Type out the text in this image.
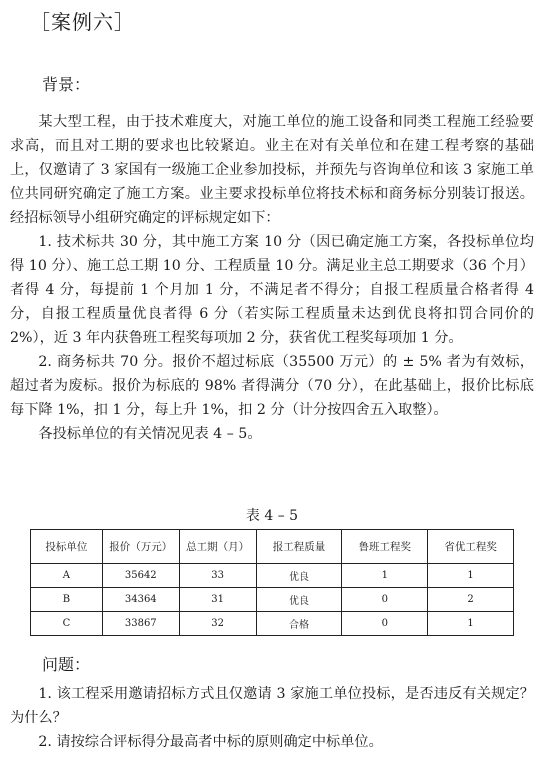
［案例六］
背景：

某大型工程，由于技术难度大，对施工单位的施工设备和同类工程施工经验要求高，而且对工期的要求也比较紧迫。业主在对有关单位和在建工程考察的基础上，仅邀请了 3 家国有一级施工企业参加投标，并预先与咨询单位和该 3 家施工单位共同研究确定了施工方案。业主要求投标单位将技术标和商务标分别装订报送。经招标领导小组研究确定的评标规定如下：

1. 技术标共 30 分，其中施工方案 10 分（因已确定施工方案，各投标单位均得 10 分）、施工总工期 10 分、工程质量 10 分。满足业主总工期要求（36 个月）者得 4 分，每提前 1 个月加 1 分，不满足者不得分；自报工程质量合格者得 4 分，自报工程质量优良者得 6 分（若实际工程质量未达到优良将扣罚合同价的 2%），近 3 年内获鲁班工程奖每项加 2 分，获省优工程奖每项加 1 分。

2. 商务标共 70 分。报价不超过标底（35500 万元）的 ± 5% 者为有效标，超过者为废标。报价为标底的 98% 者得满分（70 分），在此基础上，报价比标底每下降 1%，扣 1 分，每上升 1%，扣 2 分（计分按四舍五入取整）。

各投标单位的有关情况见表 4 – 5。

表 4 – 5
投标单位	报价（万元）	总工期（月）	报工程质量	鲁班工程奖	省优工程奖
A	35642	33	优良	1	1
B	34364	31	优良	0	2
C	33867	32	合格	0	1
问题：

1. 该工程采用邀请招标方式且仅邀请 3 家施工单位投标，是否违反有关规定？为什么？

2. 请按综合评标得分最高者中标的原则确定中标单位。
